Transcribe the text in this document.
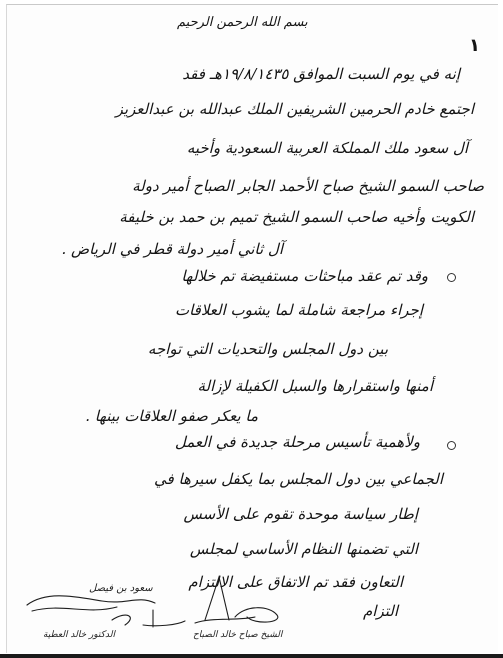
بسم الله الرحمن الرحيم
١
إنه في يوم السبت الموافق ١٩/٨/١٤٣٥هـ فقد
اجتمع خادم الحرمين الشريفين الملك عبدالله بن عبدالعزيز
آل سعود ملك المملكة العربية السعودية وأخيه
صاحب السمو الشيخ صباح الأحمد الجابر الصباح أمير دولة
الكويت وأخيه صاحب السمو الشيخ تميم بن حمد بن خليفة
آل ثاني أمير دولة قطر في الرياض .
وقد تم عقد مباحثات مستفيضة تم خلالها
إجراء مراجعة شاملة لما يشوب العلاقات
بين دول المجلس والتحديات التي تواجه
أمنها واستقرارها والسبل الكفيلة لإزالة
ما يعكر صفو العلاقات بينها .
ولأهمية تأسيس مرحلة جديدة في العمل
الجماعي بين دول المجلس بما يكفل سيرها في
إطار سياسة موحدة تقوم على الأسس
التي تضمنها النظام الأساسي لمجلس
التعاون فقد تم الاتفاق على الالتزام
التزام
سعود بن فيصل
الدكتور خالد العطية	الشيخ صباح خالد الصباح
